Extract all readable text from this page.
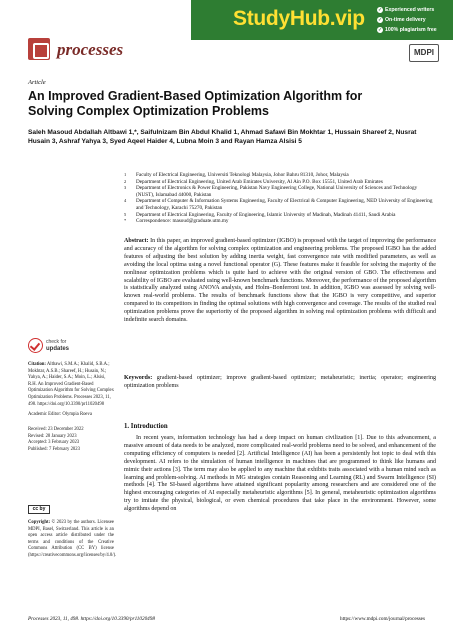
StudyHub.vip	✓ Experienced writers
✓ On-time delivery
✓ 100% plagiarism free
processes	MDPI
Article
An Improved Gradient-Based Optimization Algorithm for Solving Complex Optimization Problems
Saleh Masoud Abdallah Altbawi 1,*, Saifulnizam Bin Abdul Khalid 1, Ahmad Safawi Bin Mokhtar 1, Hussain Shareef 2, Nusrat Husain 3, Ashraf Yahya 3, Syed Aqeel Haider 4, Lubna Moin 3 and Rayan Hamza Alsisi 5
1	Faculty of Electrical Engineering, Universiti Teknologi Malaysia, Johor Bahru 81310, Johor, Malaysia
2	Department of Electrical Engineering, United Arab Emirates University, Al Ain P.O. Box 15551, United Arab Emirates
3	Department of Electronics & Power Engineering, Pakistan Navy Engineering College, National University of Sciences and Technology (NUST), Islamabad 44000, Pakistan
4	Department of Computer & Information Systems Engineering, Faculty of Electrical & Computer Engineering, NED University of Engineering and Technology, Karachi 75270, Pakistan
5	Department of Electrical Engineering, Faculty of Engineering, Islamic University of Madinah, Madinah 41411, Saudi Arabia
*	Correspondence: masoud@graduate.utm.my
check for
updates
Citation: Altbawi, S.M.A.; Khalid, S.B.A.; Mokhtar, A.S.B.; Shareef, H.; Husain, N.; Yahya, A.; Haider, S.A.; Moin, L.; Alsisi, R.H. An Improved Gradient-Based Optimization Algorithm for Solving Complex Optimization Problems. Processes 2023, 11, 498. https://doi.org/10.3390/pr11020498
Academic Editor: Olympia Roeva
Received: 23 December 2022
Revised: 28 January 2023
Accepted: 3 February 2023
Published: 7 February 2023
cc by
Copyright: © 2023 by the authors. Licensee MDPI, Basel, Switzerland. This article is an open access article distributed under the terms and conditions of the Creative Commons Attribution (CC BY) license (https://creativecommons.org/licenses/by/4.0/).
Abstract: In this paper, an improved gradient-based optimizer (IGBO) is proposed with the target of improving the performance and accuracy of the algorithm for solving complex optimization and engineering problems. The proposed IGBO has the added features of adjusting the best solution by adding inertia weight, fast convergence rate with modified parameters, as well as avoiding the local optima using a novel functional operator (G). These features make it feasible for solving the majority of the nonlinear optimization problems which is quite hard to achieve with the original version of GBO. The effectiveness and scalability of IGBO are evaluated using well-known benchmark functions. Moreover, the performance of the proposed algorithm is statistically analyzed using ANOVA analysis, and Holm–Bonferroni test. In addition, IGBO was assessed by solving well-known real-world problems. The results of benchmark functions show that the IGBO is very competitive, and superior compared to its competitors in finding the optimal solutions with high convergence and coverage. The results of the studied real optimization problems prove the superiority of the proposed algorithm in solving real optimization problems with difficult and indefinite search domains.
Keywords: gradient-based optimizer; improve gradient-based optimizer; metaheuristic; inertia; operator; engineering optimization problems
1. Introduction
In recent years, information technology has had a deep impact on human civilization [1]. Due to this advancement, a massive amount of data needs to be analyzed, more complicated real-world problems need to be solved, and enhancement of the computing efficiency of computers is needed [2]. Artificial Intelligence (AI) has been a persistently hot topic to deal with this development. AI refers to the simulation of human intelligence in machines that are programmed to think like humans and mimic their actions [3]. The term may also be applied to any machine that exhibits traits associated with a human mind such as learning and problem-solving. AI methods in MG strategies contain Reasoning and Learning (RL) and Swarm Intelligence (SI) methods [4]. The SI-based algorithms have attained significant popularity among researchers and are considered one of the highest encouraging categories of AI especially metaheuristic algorithms [5]. In general, metaheuristic optimization algorithms try to imitate the physical, biological, or even chemical procedures that take place in the environment. However, some algorithms depend on
Processes 2023, 11, 498. https://doi.org/10.3390/pr11020498	https://www.mdpi.com/journal/processes
